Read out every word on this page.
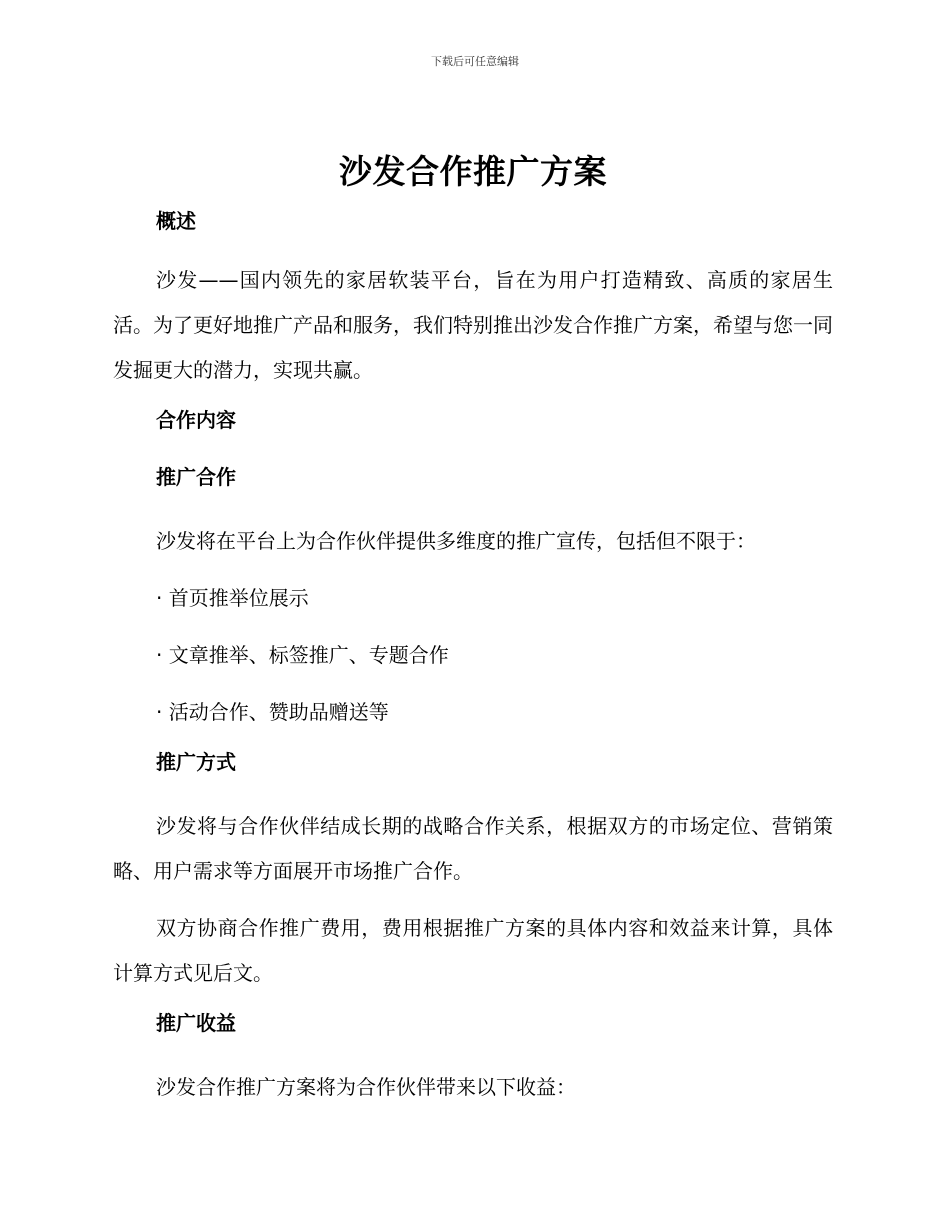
下载后可任意编辑
沙发合作推广方案
概述
沙发——国内领先的家居软装平台，旨在为用户打造精致、高质的家居生活。为了更好地推广产品和服务，我们特别推出沙发合作推广方案，希望与您一同发掘更大的潜力，实现共赢。
合作内容
推广合作
沙发将在平台上为合作伙伴提供多维度的推广宣传，包括但不限于：
· 首页推举位展示
· 文章推举、标签推广、专题合作
· 活动合作、赞助品赠送等
推广方式
沙发将与合作伙伴结成长期的战略合作关系，根据双方的市场定位、营销策略、用户需求等方面展开市场推广合作。
双方协商合作推广费用，费用根据推广方案的具体内容和效益来计算，具体计算方式见后文。
推广收益
沙发合作推广方案将为合作伙伴带来以下收益：
